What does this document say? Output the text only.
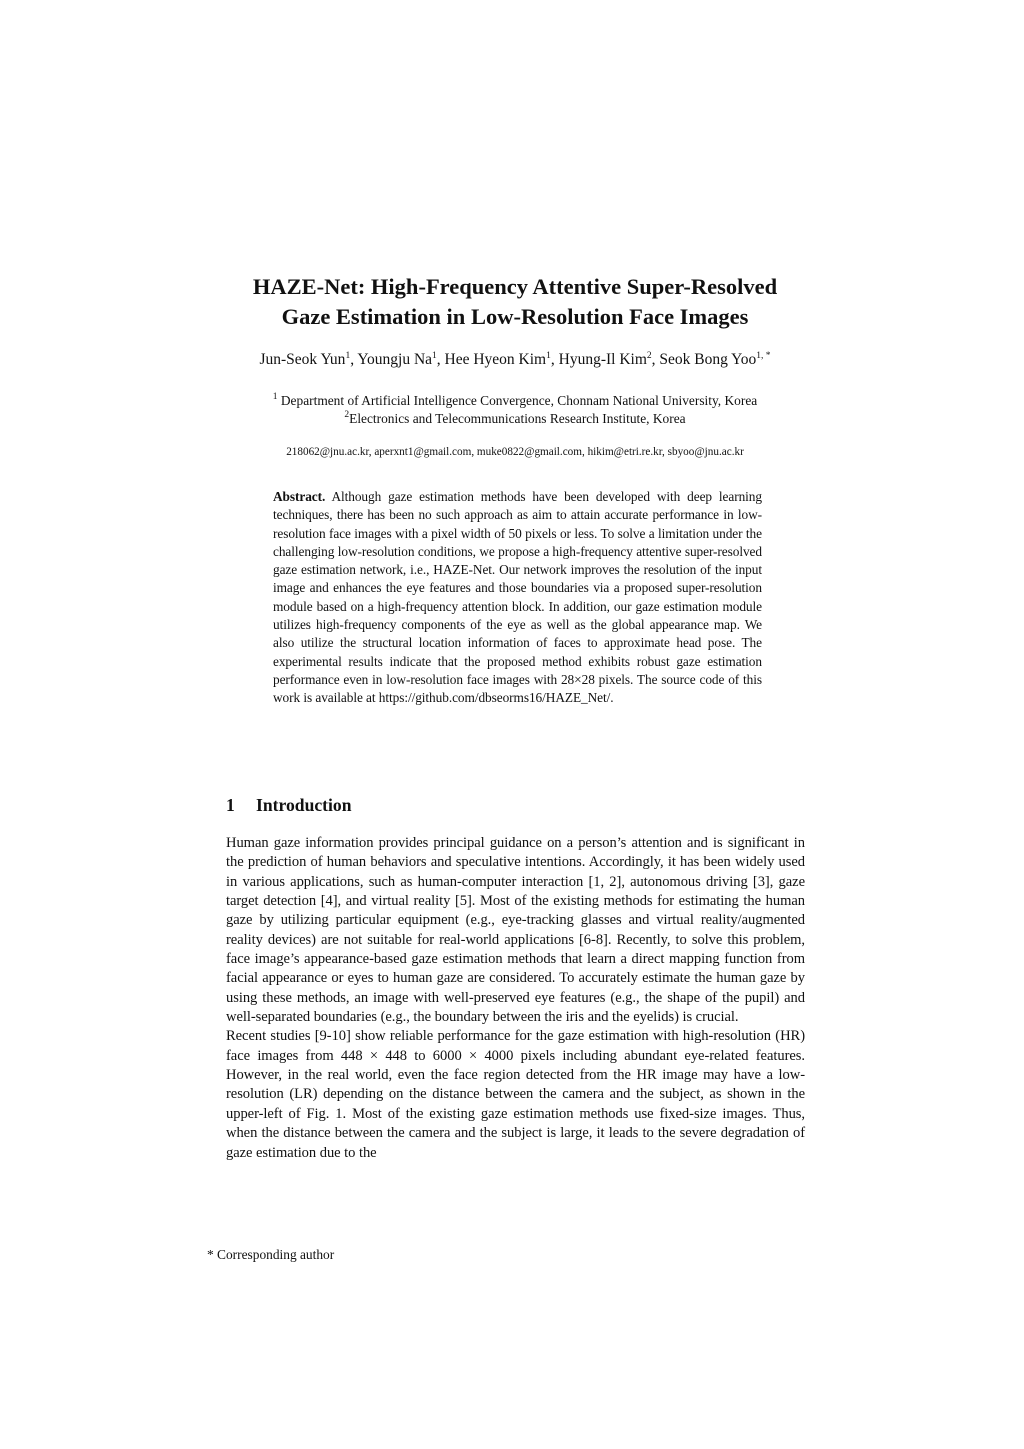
HAZE-Net: High-Frequency Attentive Super-Resolved
Gaze Estimation in Low-Resolution Face Images
Jun-Seok Yun$^1$, Youngju Na$^1$, Hee Hyeon Kim$^1$, Hyung-Il Kim$^2$, Seok Bong Yoo$^{1, *}$
$^1$ Department of Artificial Intelligence Convergence, Chonnam National University, Korea
$^2$Electronics and Telecommunications Research Institute, Korea
218062@jnu.ac.kr, aperxnt1@gmail.com, muke0822@gmail.com, hikim@etri.re.kr, sbyoo@jnu.ac.kr
Abstract. Although gaze estimation methods have been developed with deep learning techniques, there has been no such approach as aim to attain accurate performance in low-resolution face images with a pixel width of 50 pixels or less. To solve a limitation under the challenging low-resolution conditions, we propose a high-frequency attentive super-resolved gaze estimation network, i.e., HAZE-Net. Our network improves the resolution of the input image and enhances the eye features and those boundaries via a proposed super-resolution module based on a high-frequency attention block. In addition, our gaze estimation module utilizes high-frequency components of the eye as well as the global appearance map. We also utilize the structural location information of faces to approximate head pose. The experimental results indicate that the proposed method exhibits robust gaze estimation performance even in low-resolution face images with 28×28 pixels. The source code of this work is available at https://github.com/dbseorms16/HAZE_Net/.
1 Introduction

Human gaze information provides principal guidance on a person’s attention and is significant in the prediction of human behaviors and speculative intentions. Accordingly, it has been widely used in various applications, such as human-computer interaction [1, 2], autonomous driving [3], gaze target detection [4], and virtual reality [5]. Most of the existing methods for estimating the human gaze by utilizing particular equipment (e.g., eye-tracking glasses and virtual reality/augmented reality devices) are not suitable for real-world applications [6-8]. Recently, to solve this problem, face image’s appearance-based gaze estimation methods that learn a direct mapping function from facial appearance or eyes to human gaze are considered. To accurately estimate the human gaze by using these methods, an image with well-preserved eye features (e.g., the shape of the pupil) and well-separated boundaries (e.g., the boundary between the iris and the eyelids) is crucial.

Recent studies [9-10] show reliable performance for the gaze estimation with high-resolution (HR) face images from 448 × 448 to 6000 × 4000 pixels including abundant eye-related features. However, in the real world, even the face region detected from the HR image may have a low-resolution (LR) depending on the distance between the camera and the subject, as shown in the upper-left of Fig. 1. Most of the existing gaze estimation methods use fixed-size images. Thus, when the distance between the camera and the subject is large, it leads to the severe degradation of gaze estimation due to the

* Corresponding author
